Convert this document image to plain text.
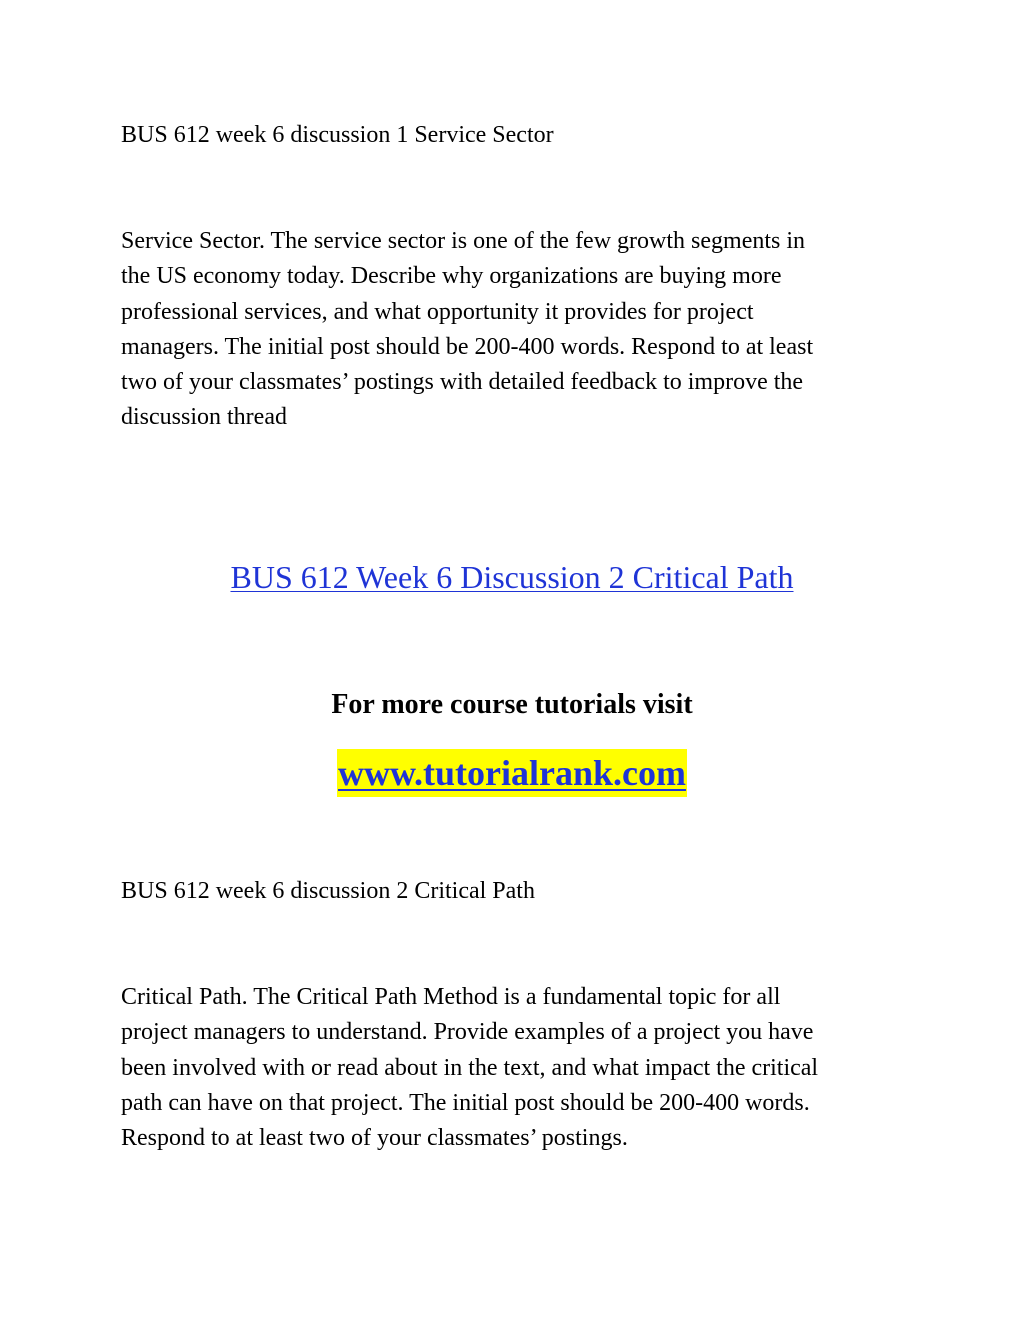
BUS 612 week 6 discussion 1 Service Sector

Service Sector. The service sector is one of the few growth segments in
the US economy today. Describe why organizations are buying more
professional services, and what opportunity it provides for project
managers. The initial post should be 200-400 words. Respond to at least
two of your classmates’ postings with detailed feedback to improve the
discussion thread

BUS 612 Week 6 Discussion 2 Critical Path
For more course tutorials visit
www.tutorialrank.com

BUS 612 week 6 discussion 2 Critical Path

Critical Path. The Critical Path Method is a fundamental topic for all
project managers to understand. Provide examples of a project you have
been involved with or read about in the text, and what impact the critical
path can have on that project. The initial post should be 200-400 words.
Respond to at least two of your classmates’ postings.
